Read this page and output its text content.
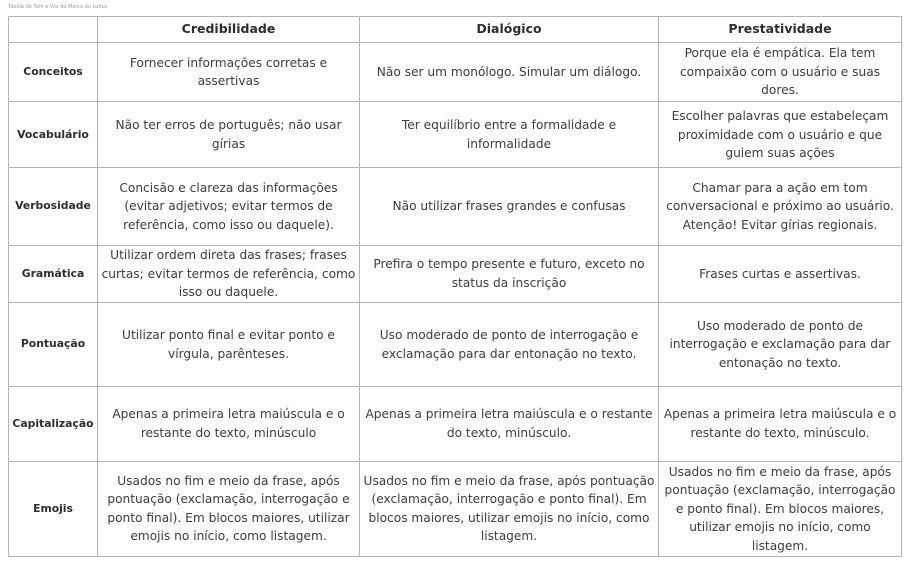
Tabela de Tom e Voz do Marca do Ludus
	Credibilidade	Dialógico	Prestatividade
Conceitos	Fornecer informações corretas e assertivas	Não ser um monólogo. Simular um diálogo.	Porque ela é empática. Ela tem compaixão com o usuário e suas dores.
Vocabulário	Não ter erros de português; não usar gírias	Ter equilíbrio entre a formalidade e informalidade	Escolher palavras que estabeleçam proximidade com o usuário e que guiem suas ações
Verbosidade	Concisão e clareza das informações (evitar adjetivos; evitar termos de referência, como isso ou daquele).	Não utilizar frases grandes e confusas	Chamar para a ação em tom conversacional e próximo ao usuário. Atenção! Evitar gírias regionais.
Gramática	Utilizar ordem direta das frases; frases curtas; evitar termos de referência, como isso ou daquele.	Prefira o tempo presente e futuro, exceto no status da inscrição	Frases curtas e assertivas.
Pontuação	Utilizar ponto final e evitar ponto e vírgula, parênteses.	Uso moderado de ponto de interrogação e exclamação para dar entonação no texto.	Uso moderado de ponto de interrogação e exclamação para dar entonação no texto.
Capitalização	Apenas a primeira letra maiúscula e o restante do texto, minúsculo	Apenas a primeira letra maiúscula e o restante do texto, minúsculo.	Apenas a primeira letra maiúscula e o restante do texto, minúsculo.
Emojis	Usados no fim e meio da frase, após pontuação (exclamação, interrogação e ponto final). Em blocos maiores, utilizar emojis no início, como listagem.	Usados no fim e meio da frase, após pontuação (exclamação, interrogação e ponto final). Em blocos maiores, utilizar emojis no início, como listagem.	Usados no fim e meio da frase, após pontuação (exclamação, interrogação e ponto final). Em blocos maiores, utilizar emojis no início, como listagem.
